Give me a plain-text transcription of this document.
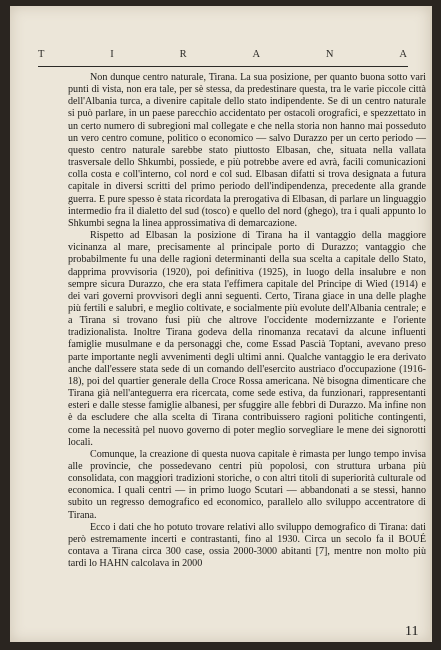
T	I	R	A	N	A

Non dunque centro naturale, Tirana. La sua posizione, per quanto buona sotto vari punti di vista, non era tale, per sè stessa, da predestinare questa, tra le varie piccole città dell'Albania turca, a divenire capitale dello stato indipendente. Se di un centro naturale si può parlare, in un paese parecchio accidentato per ostacoli orografici, e spezzettato in un certo numero di subregioni mal collegate e che nella storia non hanno mai posseduto un vero centro comune, politico o economico — salvo Durazzo per un certo periodo — questo centro naturale sarebbe stato piuttosto Elbasan, che, situata nella vallata trasversale dello Shkumbi, possiede, e più potrebbe avere ed avrà, facili comunicazioni colla costa e coll'interno, col nord e col sud. Elbasan difatti si trova designata a futura capitale in diversi scritti del primo periodo dell'indipendenza, precedente alla grande guerra. E pure spesso è stata ricordata la prerogativa di Elbasan, di parlare un linguaggio intermedio fra il dialetto del sud (tosco) e quello del nord (ghego), tra i quali appunto lo Shkumbi segna la linea approssimativa di demarcazione.

Rispetto ad Elbasan la posizione di Tirana ha il vantaggio della maggiore vicinanza al mare, precisamente al principale porto di Durazzo; vantaggio che probabilmente fu una delle ragioni determinanti della sua scelta a capitale dello Stato, dapprima provvisoria (1920), poi definitiva (1925), in luogo della insalubre e non sempre sicura Durazzo, che era stata l'effimera capitale del Principe di Wied (1914) e dei vari governi provvisori degli anni seguenti. Certo, Tirana giace in una delle plaghe più fertili e salubri, e meglio coltivate, e socialmente più evolute dell'Albania centrale; e a Tirana si trovano fusi più che altrove l'occidente modernizzante e l'oriente tradizionalista. Inoltre Tirana godeva della rinomanza recatavi da alcune influenti famiglie musulmane e da personaggi che, come Essad Pascià Toptani, avevano preso parte importante negli avvenimenti degli ultimi anni. Qualche vantaggio le era derivato anche dall'essere stata sede di un comando dell'esercito austriaco d'occupazione (1916-18), poi del quartier generale della Croce Rossa americana. Nè bisogna dimenticare che Tirana già nell'anteguerra era ricercata, come sede estiva, da funzionari, rappresentanti esteri e dalle stesse famiglie albanesi, per sfuggire alle febbri di Durazzo. Ma infine non è da escludere che alla scelta di Tirana contribuissero ragioni politiche contingenti, come la necessità pel nuovo governo di poter meglio sorvegliare le mene dei signorotti locali.

Comunque, la creazione di questa nuova capitale è rimasta per lungo tempo invisa alle provincie, che possedevano centri più popolosi, con struttura urbana più consolidata, con maggiori tradizioni storiche, o con altri titoli di superiorità culturale od economica. I quali centri — in primo luogo Scutari — abbandonati a se stessi, hanno subito un regresso demografico ed economico, parallelo allo sviluppo accentratore di Tirana.

Ecco i dati che ho potuto trovare relativi allo sviluppo demografico di Tirana: dati però estremamente incerti e contrastanti, fino al 1930. Circa un secolo fa il BOUÉ contava a Tirana circa 300 case, ossia 2000-3000 abitanti [7], mentre non molto più tardi lo HAHN calcolava in 2000

11
